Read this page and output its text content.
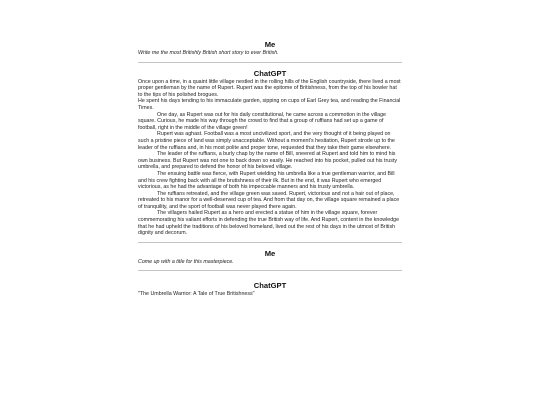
Me
Write me the most Britishly British short story to ever British.
ChatGPT

Once upon a time, in a quaint little village nestled in the rolling hills of the English countryside, there lived a most proper gentleman by the name of Rupert. Rupert was the epitome of Britishness, from the top of his bowler hat to the tips of his polished brogues.

He spent his days tending to his immaculate garden, sipping on cups of Earl Grey tea, and reading the Financial Times.

One day, as Rupert was out for his daily constitutional, he came across a commotion in the village square. Curious, he made his way through the crowd to find that a group of ruffians had set up a game of football, right in the middle of the village green!

Rupert was aghast. Football was a most uncivilized sport, and the very thought of it being played on such a pristine piece of land was simply unacceptable. Without a moment's hesitation, Rupert strode up to the leader of the ruffians and, in his most polite and proper tone, requested that they take their game elsewhere.

The leader of the ruffians, a burly chap by the name of Bill, sneered at Rupert and told him to mind his own business. But Rupert was not one to back down so easily. He reached into his pocket, pulled out his trusty umbrella, and prepared to defend the honor of his beloved village.

The ensuing battle was fierce, with Rupert wielding his umbrella like a true gentleman warrior, and Bill and his crew fighting back with all the brutishness of their ilk. But in the end, it was Rupert who emerged victorious, as he had the advantage of both his impeccable manners and his trusty umbrella.

The ruffians retreated, and the village green was saved. Rupert, victorious and not a hair out of place, retreated to his manor for a well-deserved cup of tea. And from that day on, the village square remained a place of tranquility, and the sport of football was never played there again.

The villagers hailed Rupert as a hero and erected a statue of him in the village square, forever commemorating his valiant efforts in defending the true British way of life. And Rupert, content in the knowledge that he had upheld the traditions of his beloved homeland, lived out the rest of his days in the utmost of British dignity and decorum.

Me
Come up with a title for this masterpiece.
ChatGPT

"The Umbrella Warrior: A Tale of True Britishness"
